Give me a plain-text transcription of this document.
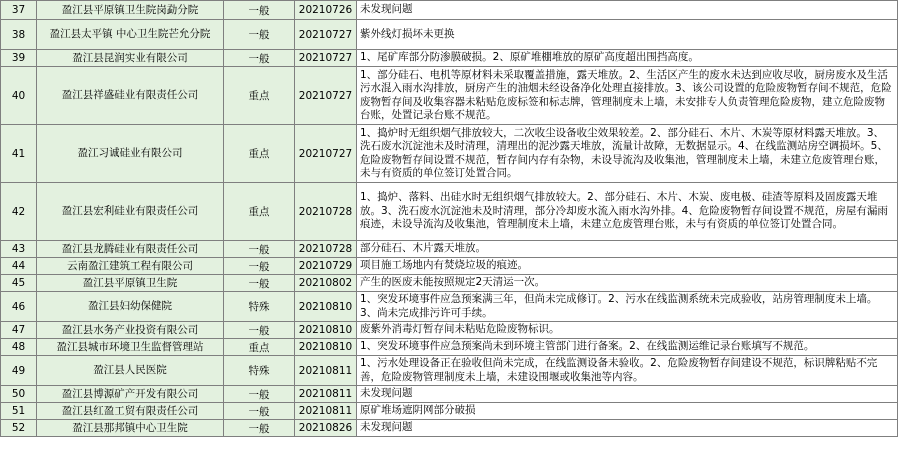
37	盈江县平原镇卫生院岗勐分院	一般	20210726	未发现问题
38	盈江县太平镇 中心卫生院芒允分院	一般	20210727	紫外线灯损坏未更换
39	盈江县昆润实业有限公司	一般	20210727	1、尾矿库部分防渗膜破损。2、原矿堆棚堆放的原矿高度超出围挡高度。
40	盈江县祥盛硅业有限责任公司	重点	20210727	1、部分硅石、电机等原材料未采取覆盖措施，露天堆放。2、生活区产生的废水未达到应收尽收，厨房废水及生活污水混入雨水沟排放，厨房产生的油烟未经设备净化处理直接排放。3、该公司设置的危险废物暂存间不规范，危险废物暂存间及收集容器未粘贴危废标签和标志牌，管理制度未上墙，未安排专人负责管理危险废物，建立危险废物台账，处置记录台账不规范。
41	盈江习诚硅业有限公司	重点	20210727	1、捣炉时无组织烟气排放较大，二次收尘设备收尘效果较差。2、部分硅石、木片、木炭等原材料露天堆放。3、洗石废水沉淀池未及时清理，清理出的泥沙露天堆放，流量计故障，无数据显示。4、在线监测站房空调损坏。5、危险废物暂存间设置不规范，暂存间内存有杂物，未设导流沟及收集池，管理制度未上墙，未建立危废管理台账，未与有资质的单位签订处置合同。
42	盈江县宏利硅业有限责任公司	重点	20210728	1、捣炉、落料、出硅水时无组织烟气排放较大。2、部分硅石、木片、木炭、废电极、硅渣等原料及固废露天堆放。3、洗石废水沉淀池未及时清理，部分冷却废水流入雨水沟外排。4、危险废物暂存间设置不规范，房屋有漏雨痕迹，未设导流沟及收集池，管理制度未上墙，未建立危废管理台账，未与有资质的单位签订处置合同。
43	盈江县龙腾硅业有限责任公司	一般	20210728	部分硅石、木片露天堆放。
44	云南盈江建筑工程有限公司	一般	20210729	项目施工场地内有焚烧垃圾的痕迹。
45	盈江县平原镇卫生院	一般	20210802	产生的医废未能按照规定2天清运一次。
46	盈江县妇幼保健院	特殊	20210810	1、突发环境事件应急预案满三年，但尚未完成修订。2、污水在线监测系统未完成验收，站房管理制度未上墙。3、尚未完成排污许可手续。
47	盈江县水务产业投资有限公司	一般	20210810	废紫外消毒灯暂存间未粘贴危险废物标识。
48	盈江县城市环境卫生监督管理站	重点	20210810	1、突发环境事件应急预案尚未到环境主管部门进行备案。2、在线监测运维记录台账填写不规范。
49	盈江县人民医院	特殊	20210811	1、污水处理设备正在验收但尚未完成，在线监测设备未验收。2、危险废物暂存间建设不规范，标识牌粘贴不完善，危险废物管理制度未上墙，未建设围堰或收集池等内容。
50	盈江县博源矿产开发有限公司	一般	20210811	未发现问题
51	盈江县红盈工贸有限责任公司	一般	20210811	原矿堆场遮阴网部分破损
52	盈江县那邦镇中心卫生院	一般	20210826	未发现问题
